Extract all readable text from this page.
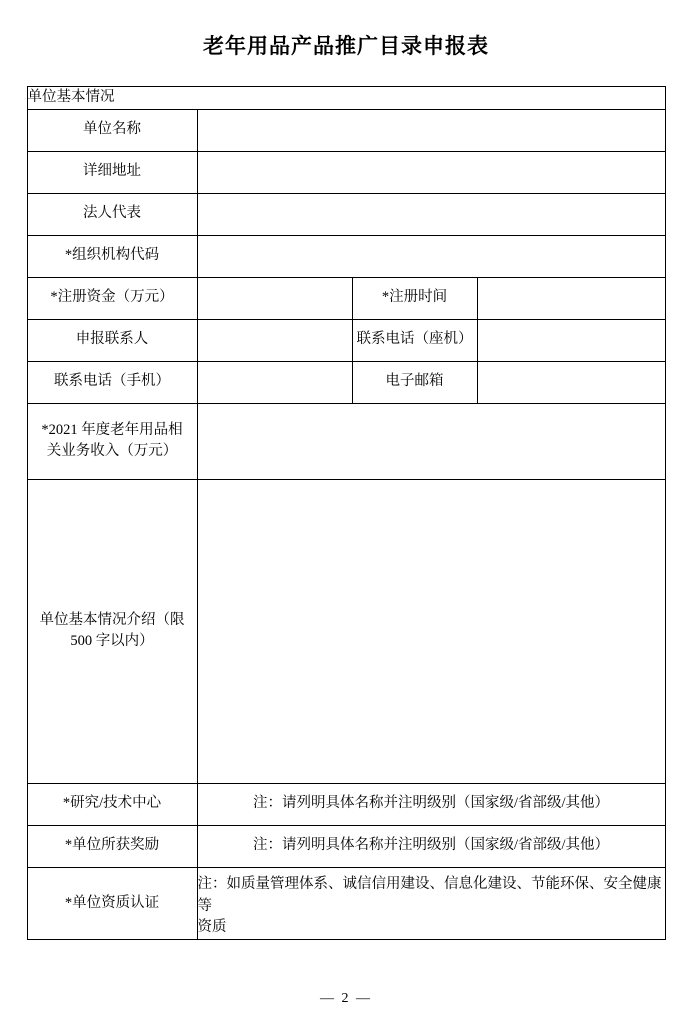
老年用品产品推广目录申报表
单位基本情况			
单位名称			
详细地址			
法人代表			
*组织机构代码			
*注册资金（万元）		*注册时间	
申报联系人		联系电话（座机）	
联系电话（手机）		电子邮箱	

*2021 年度老年用品相
关业务收入（万元）			

单位基本情况介绍（限
500 字以内）			

*研究/技术中心	注：请列明具体名称并注明级别（国家级/省部级/其他）		
*单位所获奖励	注：请列明具体名称并注明级别（国家级/省部级/其他）		
*单位资质认证	注：如质量管理体系、诚信信用建设、信息化建设、节能环保、安全健康等
资质		
— 2 —
